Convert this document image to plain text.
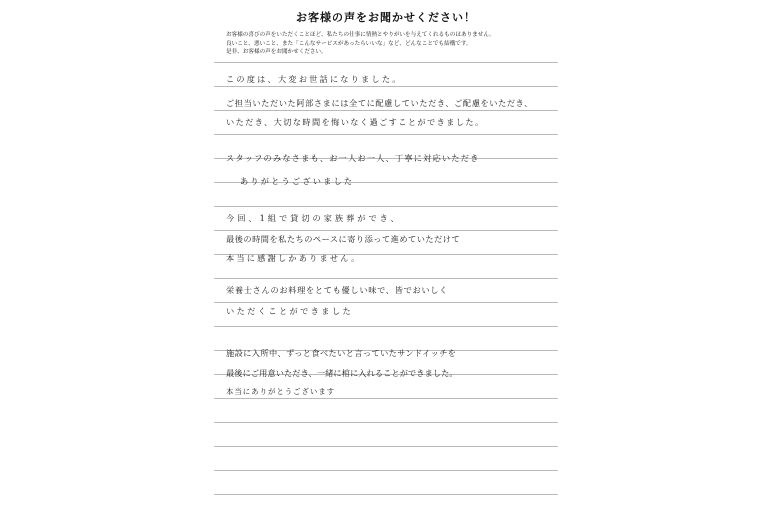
お客様の声をお聞かせください！
お客様の喜びの声をいただくことほど、私たちの仕事に情熱とやりがいを与えてくれるものはありません。
良いこと、悪いこと、また「こんなサービスがあったらいいな」など、どんなことでも結構です。
是非、お客様の声をお聞かせください。
この度は、大変お世話になりました。
ご担当いただいた阿部さまには全てに配慮していただき、ご配慮をいただき、
いただき、大切な時間を悔いなく過ごすことができました。
スタッフのみなさまも、お一人お一人、丁寧に対応いただき
ありがとうございました
今回、1組で貸切の家族葬ができ、
最後の時間を私たちのペースに寄り添って進めていただけて
本当に感謝しかありません。
栄養士さんのお料理をとても優しい味で、皆でおいしく
いただくことができました
施設に入所中、ずっと食べたいと言っていたサンドイッチを
最後にご用意いただき、一緒に棺に入れることができました。
本当にありがとうございます
